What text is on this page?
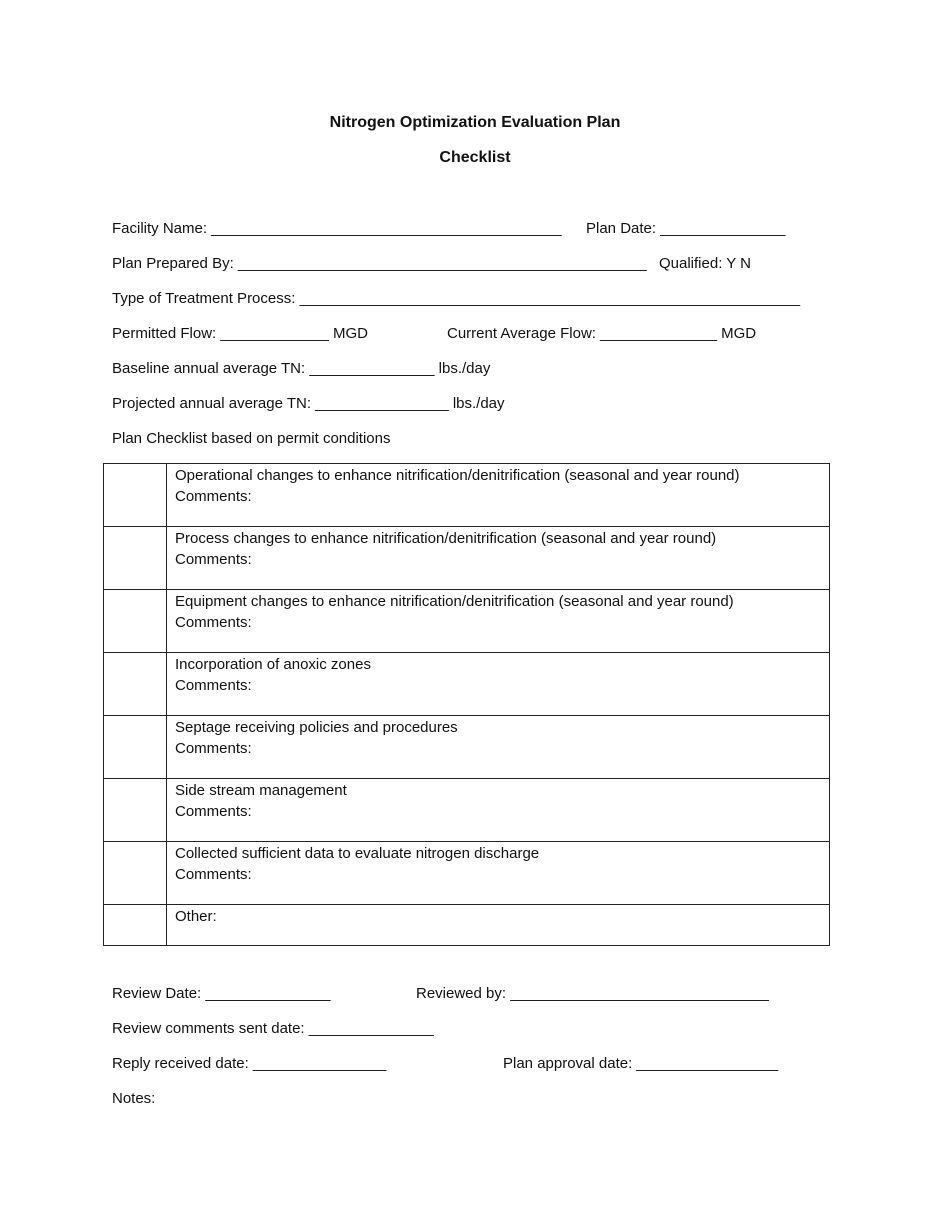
Nitrogen Optimization Evaluation Plan
Checklist
Facility Name: __________________________________________ Plan Date: _______________
Plan Prepared By: _________________________________________________ Qualified: Y N
Type of Treatment Process: ____________________________________________________________
Permitted Flow: _____________ MGD	Current Average Flow: ______________ MGD
Baseline annual average TN: _______________ lbs./day
Projected annual average TN: ________________ lbs./day
Plan Checklist based on permit conditions

	Operational changes to enhance nitrification/denitrification (seasonal and year round)
Comments:

	Process changes to enhance nitrification/denitrification (seasonal and year round)
Comments:

	Equipment changes to enhance nitrification/denitrification (seasonal and year round)
Comments:

	Incorporation of anoxic zones
Comments:

	Septage receiving policies and procedures
Comments:

	Side stream management
Comments:

	Collected sufficient data to evaluate nitrogen discharge
Comments:

	Other:
Review Date: _______________	Reviewed by: _______________________________
Review comments sent date: _______________
Reply received date: ________________	Plan approval date: _________________
Notes:
